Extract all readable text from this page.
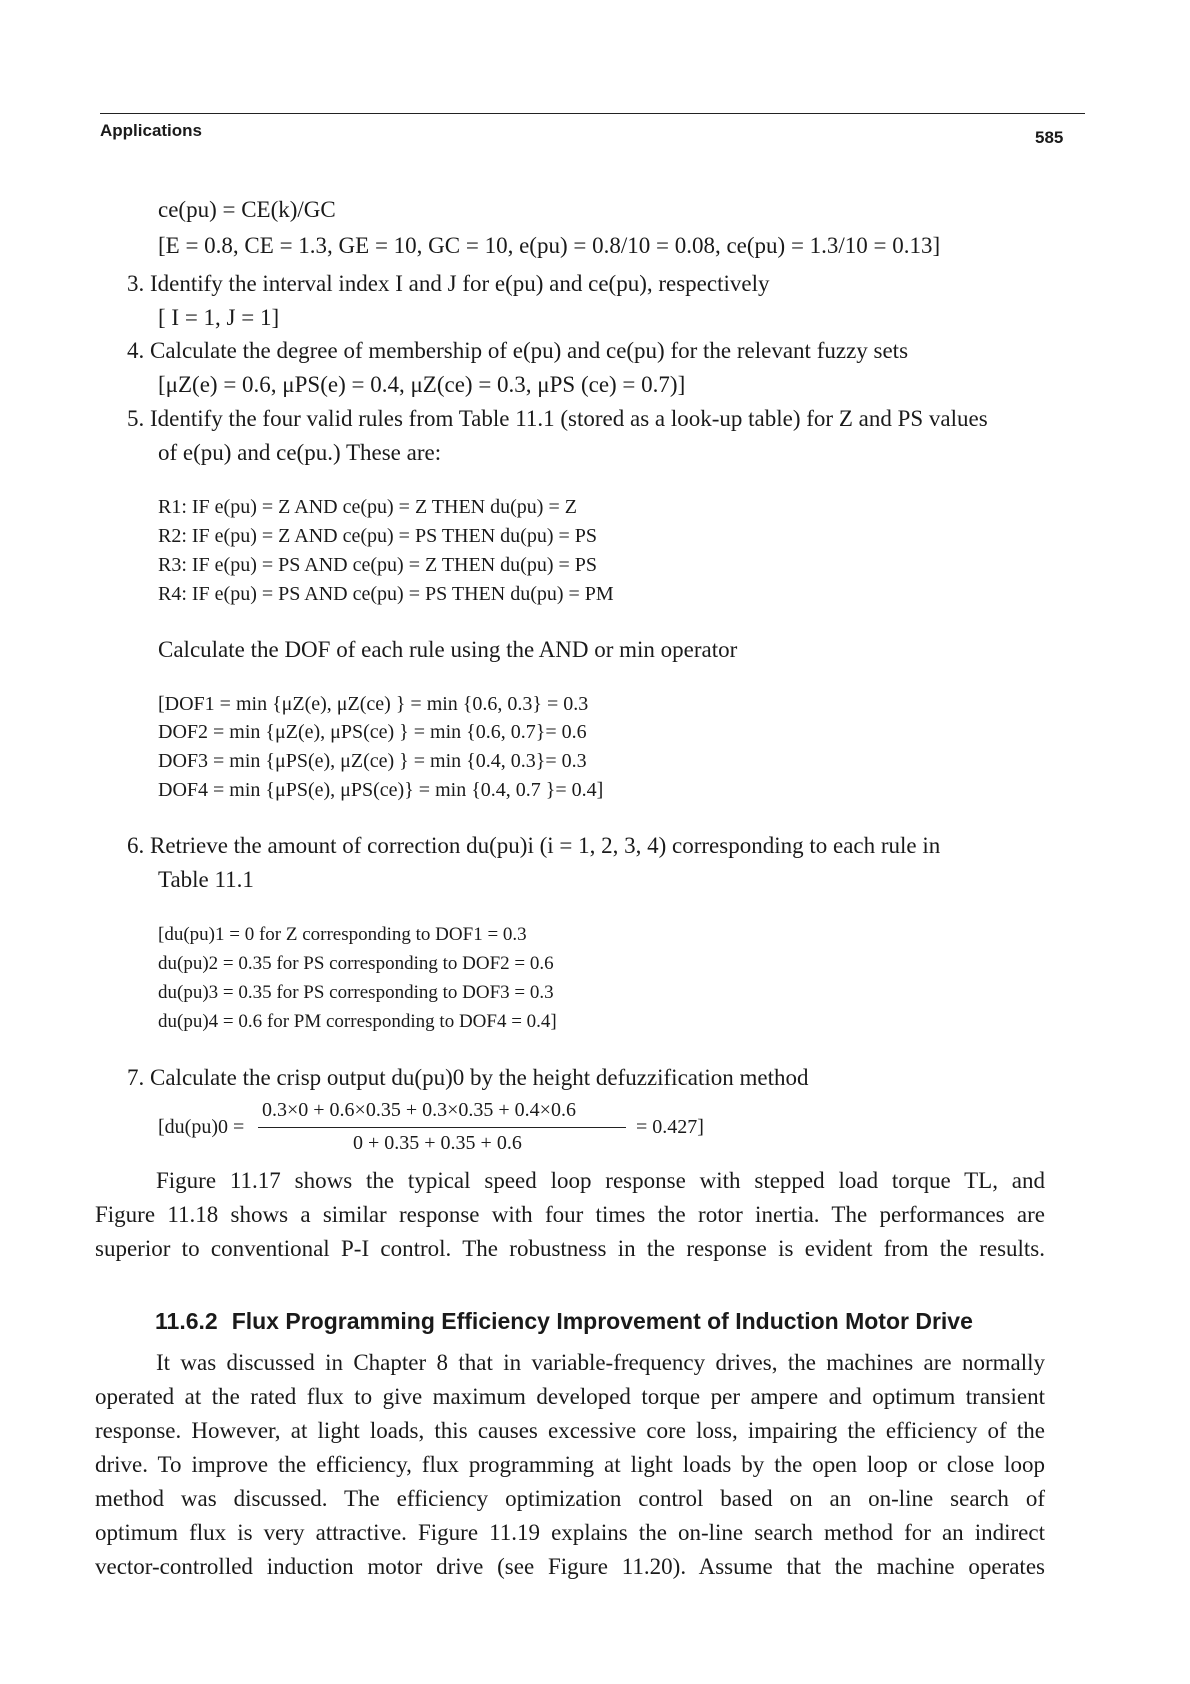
Applications	585
ce(pu) = CE(k)/GC
[E = 0.8, CE = 1.3, GE = 10, GC = 10, e(pu) = 0.8/10 = 0.08, ce(pu) = 1.3/10 = 0.13]
3. Identify the interval index I and J for e(pu) and ce(pu), respectively
[ I = 1, J = 1]
4. Calculate the degree of membership of e(pu) and ce(pu) for the relevant fuzzy sets
[μZ(e) = 0.6, μPS(e) = 0.4, μZ(ce) = 0.3, μPS (ce) = 0.7)]
5. Identify the four valid rules from Table 11.1 (stored as a look-up table) for Z and PS values
of e(pu) and ce(pu.) These are:
R1: IF e(pu) = Z AND ce(pu) = Z THEN du(pu) = Z
R2: IF e(pu) = Z AND ce(pu) = PS THEN du(pu) = PS
R3: IF e(pu) = PS AND ce(pu) = Z THEN du(pu) = PS
R4: IF e(pu) = PS AND ce(pu) = PS THEN du(pu) = PM
Calculate the DOF of each rule using the AND or min operator
[DOF1 = min {μZ(e), μZ(ce) } = min {0.6, 0.3} = 0.3
DOF2 = min {μZ(e), μPS(ce) } = min {0.6, 0.7}= 0.6
DOF3 = min {μPS(e), μZ(ce) } = min {0.4, 0.3}= 0.3
DOF4 = min {μPS(e), μPS(ce)} = min {0.4, 0.7 }= 0.4]
6. Retrieve the amount of correction du(pu)i (i = 1, 2, 3, 4) corresponding to each rule in
Table 11.1
[du(pu)1 = 0 for Z corresponding to DOF1 = 0.3
du(pu)2 = 0.35 for PS corresponding to DOF2 = 0.6
du(pu)3 = 0.35 for PS corresponding to DOF3 = 0.3
du(pu)4 = 0.6 for PM corresponding to DOF4 = 0.4]
7. Calculate the crisp output du(pu)0 by the height defuzzification method
0.3×0 + 0.6×0.35 + 0.3×0.35 + 0.4×0.6
[du(pu)0 =	= 0.427]
0 + 0.35 + 0.35 + 0.6
Figure 11.17 shows the typical speed loop response with stepped load torque TL, and
Figure 11.18 shows a similar response with four times the rotor inertia. The performances are
superior to conventional P-I control. The robustness in the response is evident from the results.
11.6.2 Flux Programming Efficiency Improvement of Induction Motor Drive
It was discussed in Chapter 8 that in variable-frequency drives, the machines are normally
operated at the rated flux to give maximum developed torque per ampere and optimum transient
response. However, at light loads, this causes excessive core loss, impairing the efficiency of the
drive. To improve the efficiency, flux programming at light loads by the open loop or close loop
method was discussed. The efficiency optimization control based on an on-line search of
optimum flux is very attractive. Figure 11.19 explains the on-line search method for an indirect
vector-controlled induction motor drive (see Figure 11.20). Assume that the machine operates
